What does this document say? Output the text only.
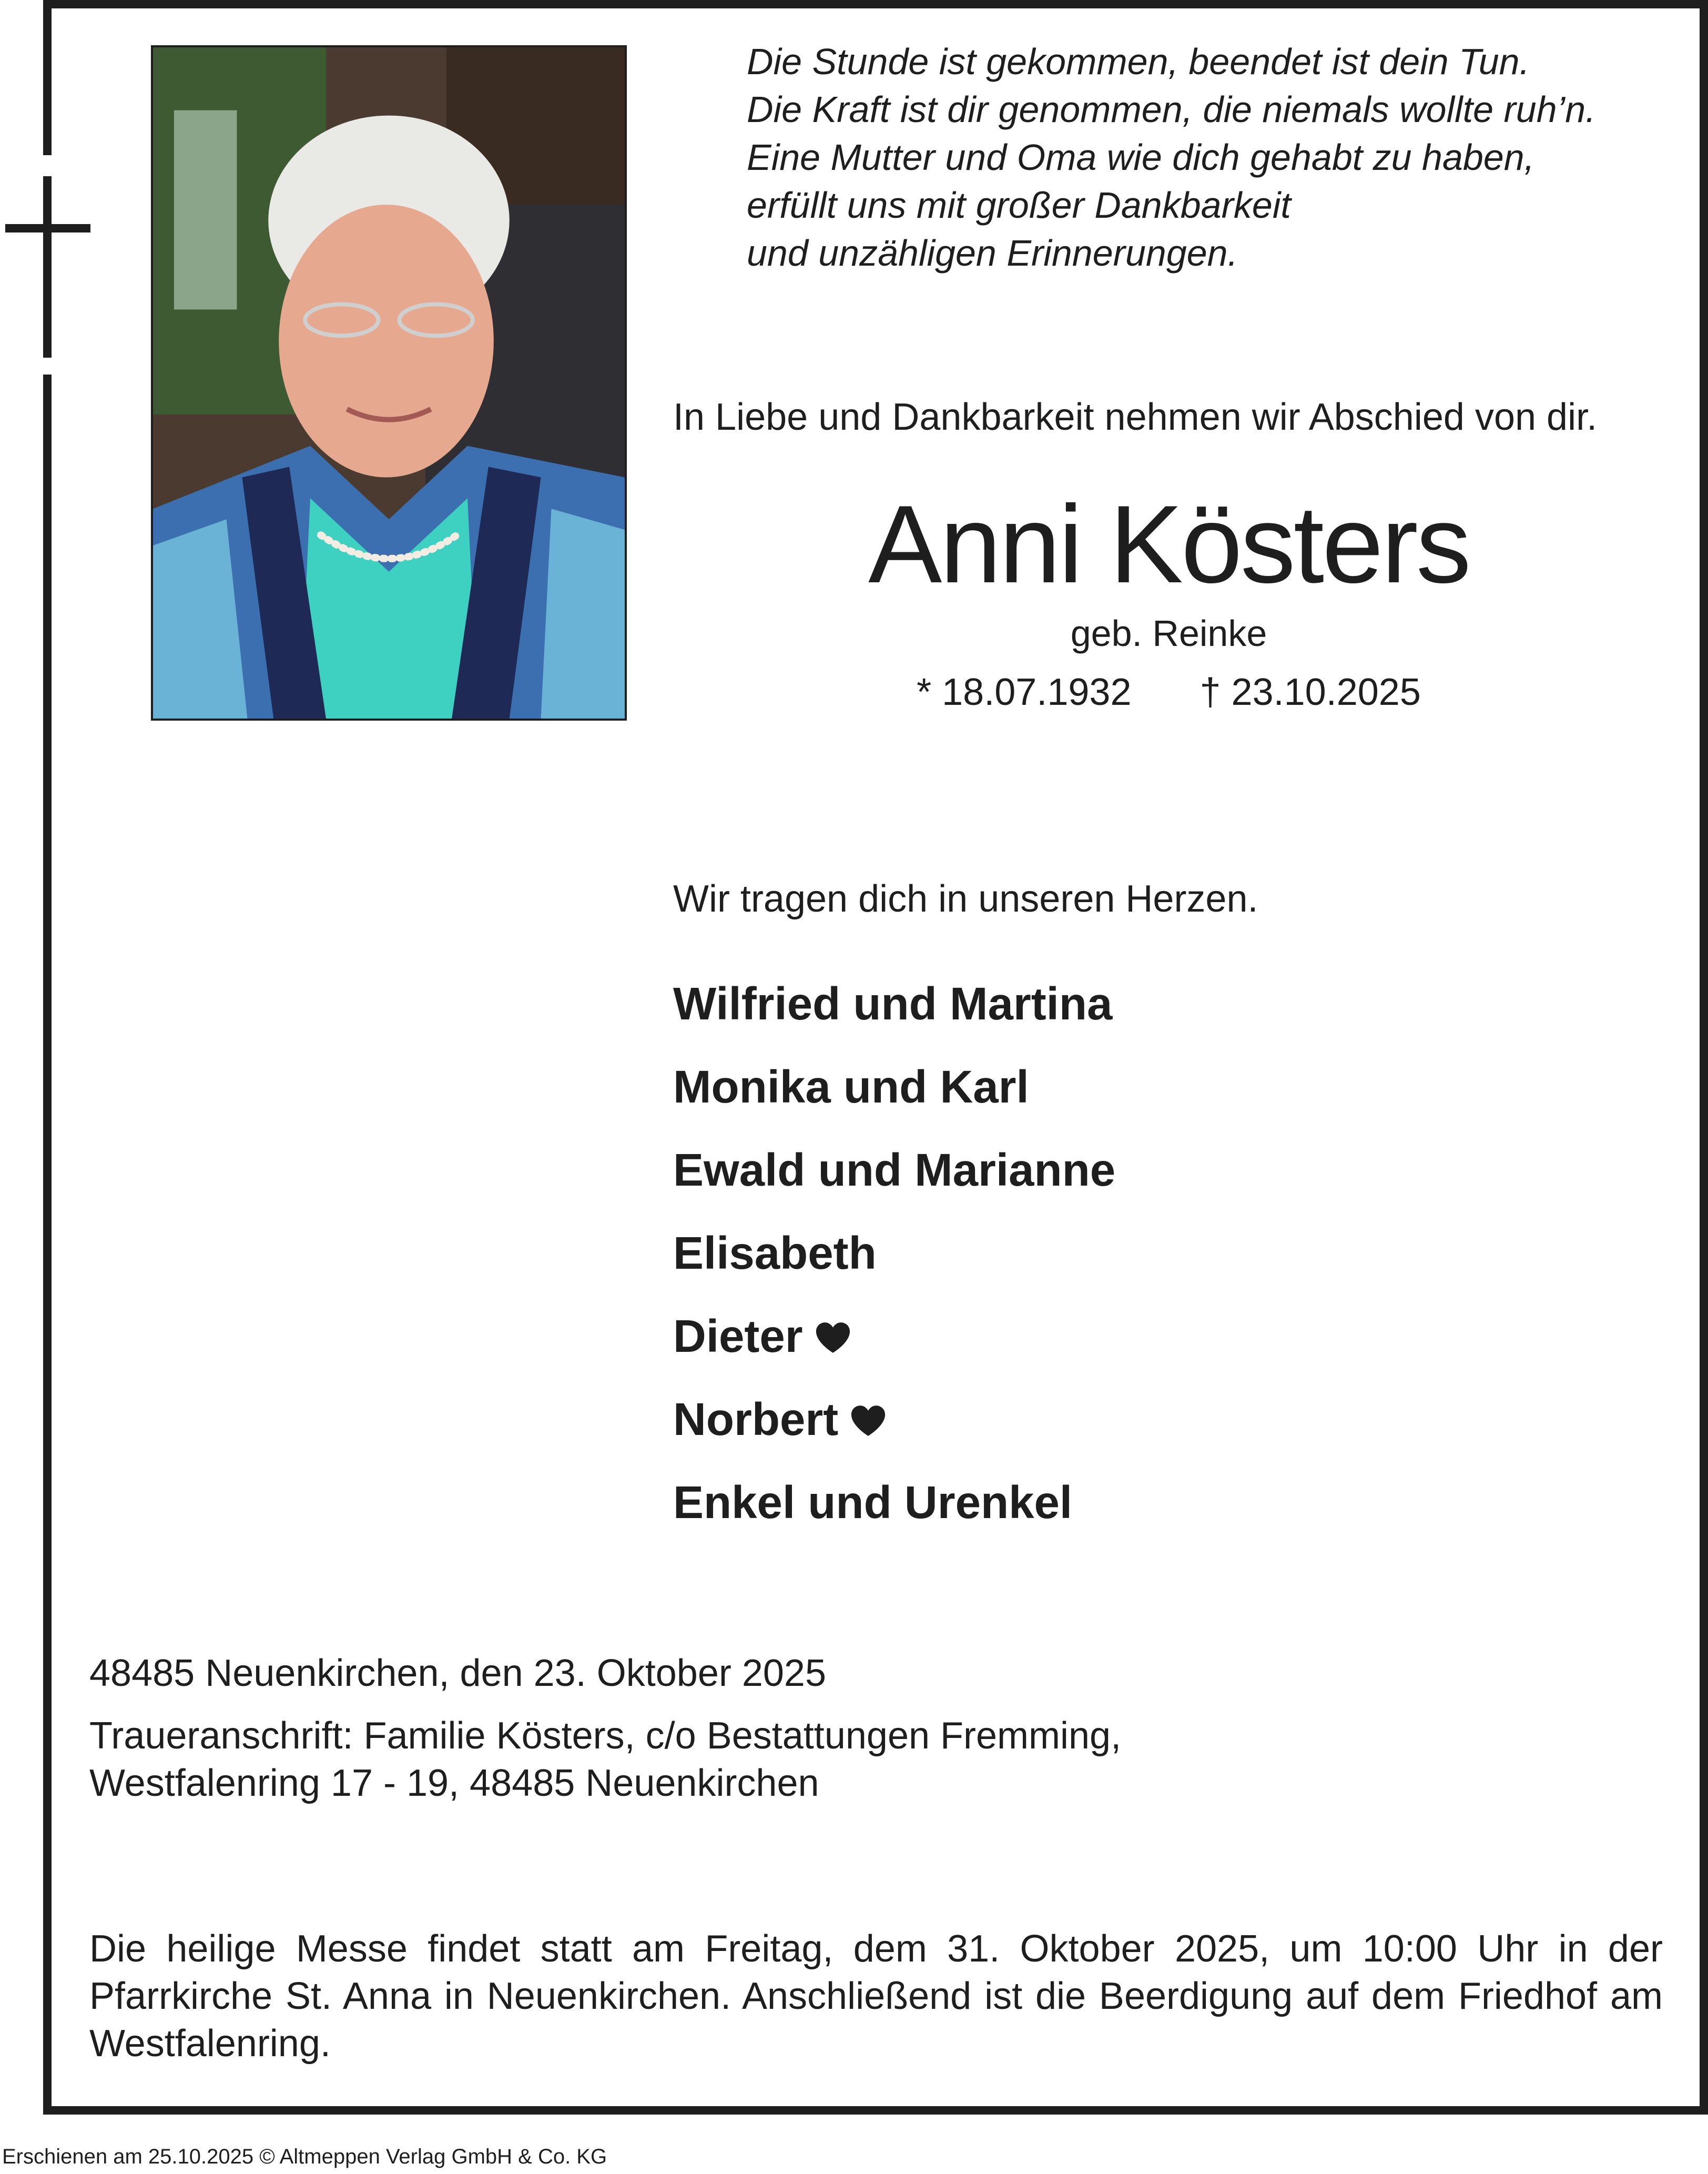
Die Stunde ist gekommen, beendet ist dein Tun.
Die Kraft ist dir genommen, die niemals wollte ruh’n.
Eine Mutter und Oma wie dich gehabt zu haben,
erfüllt uns mit großer Dankbarkeit
und unzähligen Erinnerungen.
In Liebe und Dankbarkeit nehmen wir Abschied von dir.
Anni Kösters
geb. Reinke
* 18.07.1932 † 23.10.2025
Wir tragen dich in unseren Herzen.
Wilfried und Martina
Monika und Karl
Ewald und Marianne
Elisabeth
Dieter
Norbert
Enkel und Urenkel
48485 Neuenkirchen, den 23. Oktober 2025
Traueranschrift: Familie Kösters, c/o Bestattungen Fremming,
Westfalenring 17 - 19, 48485 Neuenkirchen
Die heilige Messe findet statt am Freitag, dem 31. Oktober 2025, um 10:00 Uhr in der Pfarrkirche St. Anna in Neuenkirchen. Anschließend ist die Beerdigung auf dem Friedhof am Westfalenring.
Erschienen am 25.10.2025 © Altmeppen Verlag GmbH & Co. KG
